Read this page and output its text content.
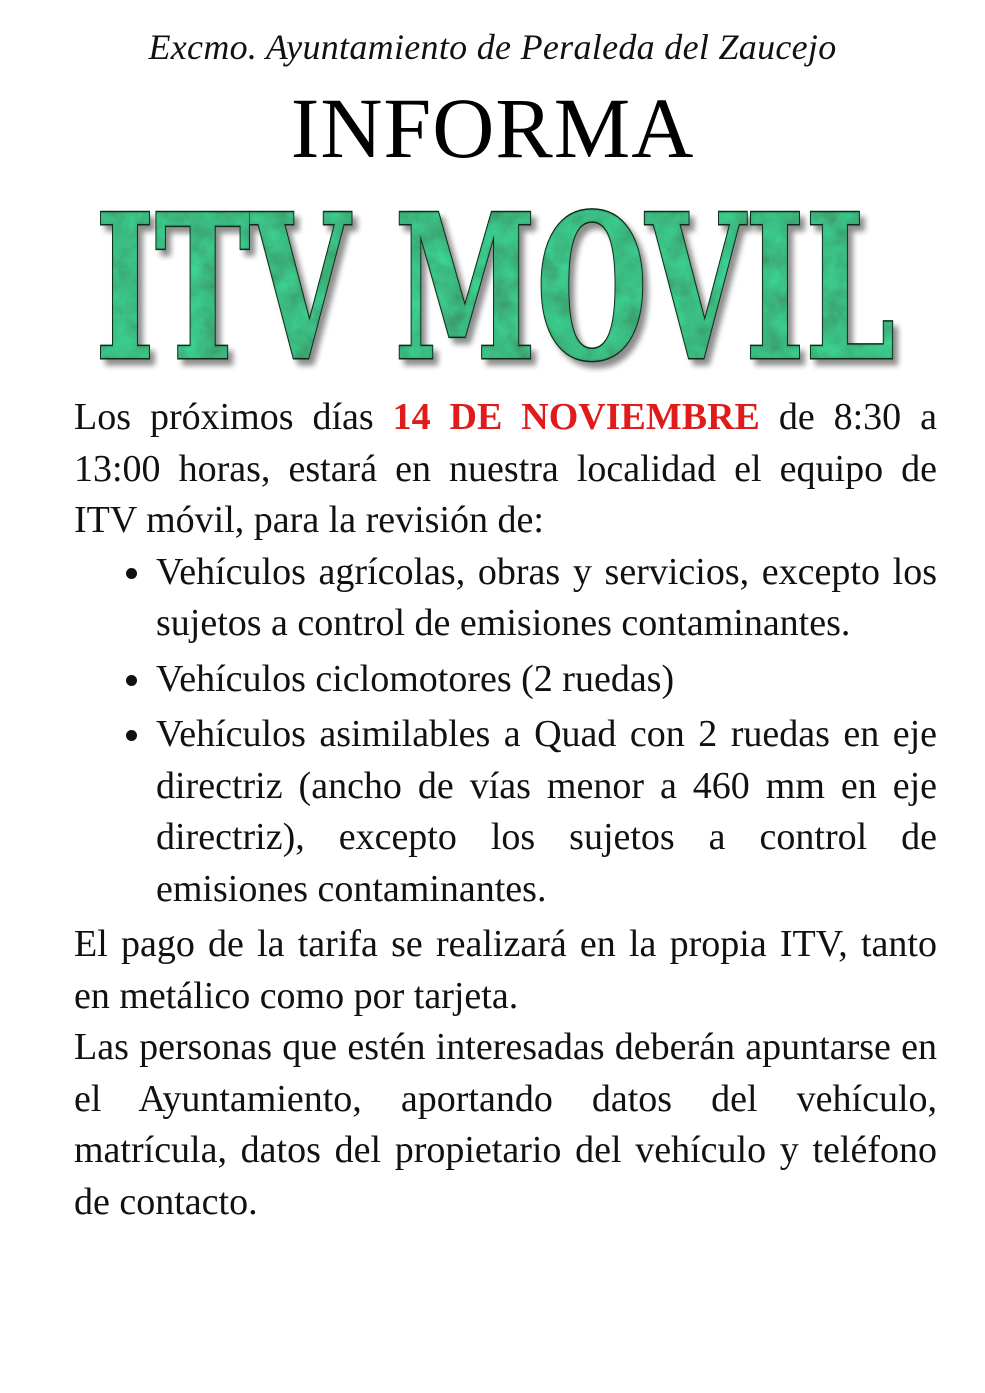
Excmo. Ayuntamiento de Peraleda del Zaucejo
INFORMA
ITV MOVIL
ITV MOVIL

Los próximos días 14 DE NOVIEMBRE de 8:30 a 13:00 horas, estará en nuestra localidad el equipo de ITV móvil, para la revisión de:

Vehículos agrícolas, obras y servicios, excepto los sujetos a control de emisiones contaminantes.
Vehículos ciclomotores (2 ruedas)
Vehículos asimilables a Quad con 2 ruedas en eje directriz (ancho de vías menor a 460 mm en eje directriz), excepto los sujetos a control de emisiones contaminantes.

El pago de la tarifa se realizará en la propia ITV, tanto en metálico como por tarjeta.

Las personas que estén interesadas deberán apuntarse en el Ayuntamiento, aportando datos del vehículo, matrícula, datos del propietario del vehículo y teléfono de contacto.
